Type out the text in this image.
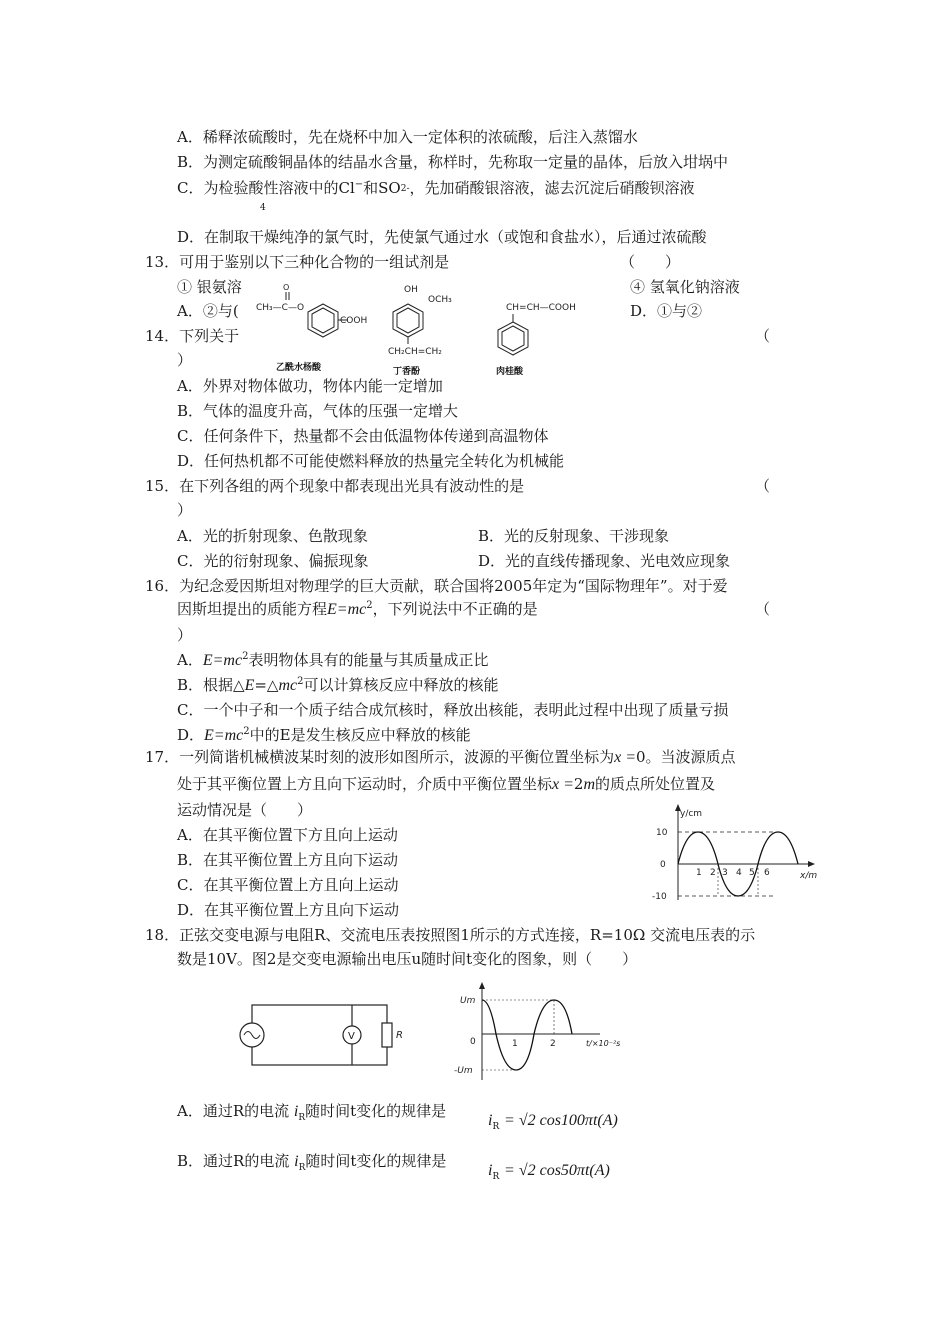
A．稀释浓硫酸时，先在烧杯中加入一定体积的浓硫酸，后注入蒸馏水
B．为测定硫酸铜晶体的结晶水含量，称样时，先称取一定量的晶体，后放入坩埚中
C．为检验酸性溶液中的Cl−和SO2-，先加硝酸银溶液，滤去沉淀后硝酸钡溶液
4
D．在制取干燥纯净的氯气时，先使氯气通过水（或饱和食盐水），后通过浓硫酸
13．可用于鉴别以下三种化合物的一组试剂是	（　　）
① 银氨溶	④ 氢氧化钠溶液
A．②与(	D．①与②
CH₃—C—O
O
COOH
乙酰水杨酸
OH
OCH₃
CH₂CH=CH₂
丁香酚
CH=CH—COOH
肉桂酸
14．下列关于	（
）
A．外界对物体做功，物体内能一定增加
B．气体的温度升高，气体的压强一定增大
C．任何条件下，热量都不会由低温物体传递到高温物体
D．任何热机都不可能使燃料释放的热量完全转化为机械能
15．在下列各组的两个现象中都表现出光具有波动性的是	（
）
A．光的折射现象、色散现象	B．光的反射现象、干涉现象
C．光的衍射现象、偏振现象	D．光的直线传播现象、光电效应现象
16．为纪念爱因斯坦对物理学的巨大贡献，联合国将2005年定为“国际物理年”。对于爱
因斯坦提出的质能方程$E=mc^2$，下列说法中不正确的是	（
）
A．$E=mc^2$表明物体具有的能量与其质量成正比
B．根据$\triangle E=\triangle mc^2$可以计算核反应中释放的核能
C．一个中子和一个质子结合成氘核时，释放出核能，表明此过程中出现了质量亏损
D．$E=mc^2$中的E是发生核反应中释放的核能
17．一列简谐机械横波某时刻的波形如图所示，波源的平衡位置坐标为x =0。当波源质点
处于其平衡位置上方且向下运动时，介质中平衡位置坐标x =2m的质点所处位置及
运动情况是（　　）
A．在其平衡位置下方且向上运动
B．在其平衡位置上方且向下运动
C．在其平衡位置上方且向上运动
D．在其平衡位置上方且向下运动
y/cm
x/m
10
0
-10
1 2 3 4 5 6
18．正弦交变电源与电阻R、交流电压表按照图1所示的方式连接，R=10Ω 交流电压表的示
数是10V。图2是交变电源输出电压u随时间t变化的图象，则（　　）
V	R
Um
0
-Um
1	2	t/×10⁻²s
A．通过R的电流 $i_R$随时间t变化的规律是
$i_R = √2$ cos100πt(A)
B．通过R的电流 $i_R$随时间t变化的规律是
$i_R = √2$ cos50πt(A)
